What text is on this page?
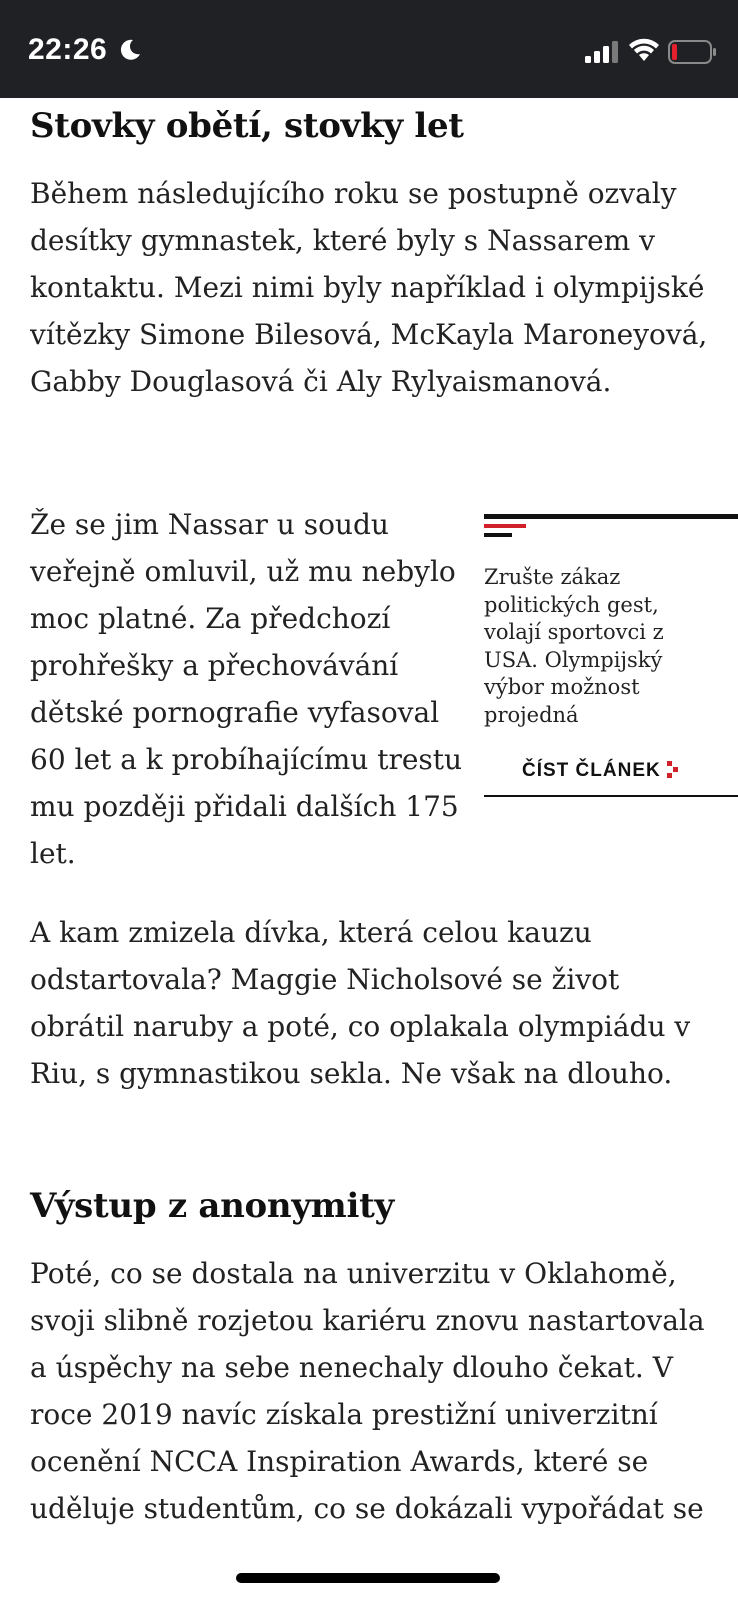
22:26
Stovky obětí, stovky let

Během následujícího roku se postupně ozvaly desítky gymnastek, které byly s Nassarem v kontaktu. Mezi nimi byly například i olympijské vítězky Simone Bilesová, McKayla Maroneyová, Gabby Douglasová či Aly Rylyaismanová.

Že se jim Nassar u soudu veřejně omluvil, už mu nebylo moc platné. Za předchozí prohřešky a přechovávání dětské pornografie vyfasoval 60 let a k probíhajícímu trestu mu později přidali dalších 175 let.

A kam zmizela dívka, která celou kauzu odstartovala? Maggie Nicholsové se život obrátil naruby a poté, co oplakala olympiádu v Riu, s gymnastikou sekla. Ne však na dlouho.

Výstup z anonymity

Poté, co se dostala na univerzitu v Oklahomě, svoji slibně rozjetou kariéru znovu nastartovala a úspěchy na sebe nenechaly dlouho čekat. V roce 2019 navíc získala prestižní univerzitní ocenění NCCA Inspiration Awards, které se uděluje studentům, co se dokázali vypořádat se

Zrušte zákaz politických gest, volají sportovci z USA. Olympijský výbor možnost projedná
ČÍST ČLÁNEK
